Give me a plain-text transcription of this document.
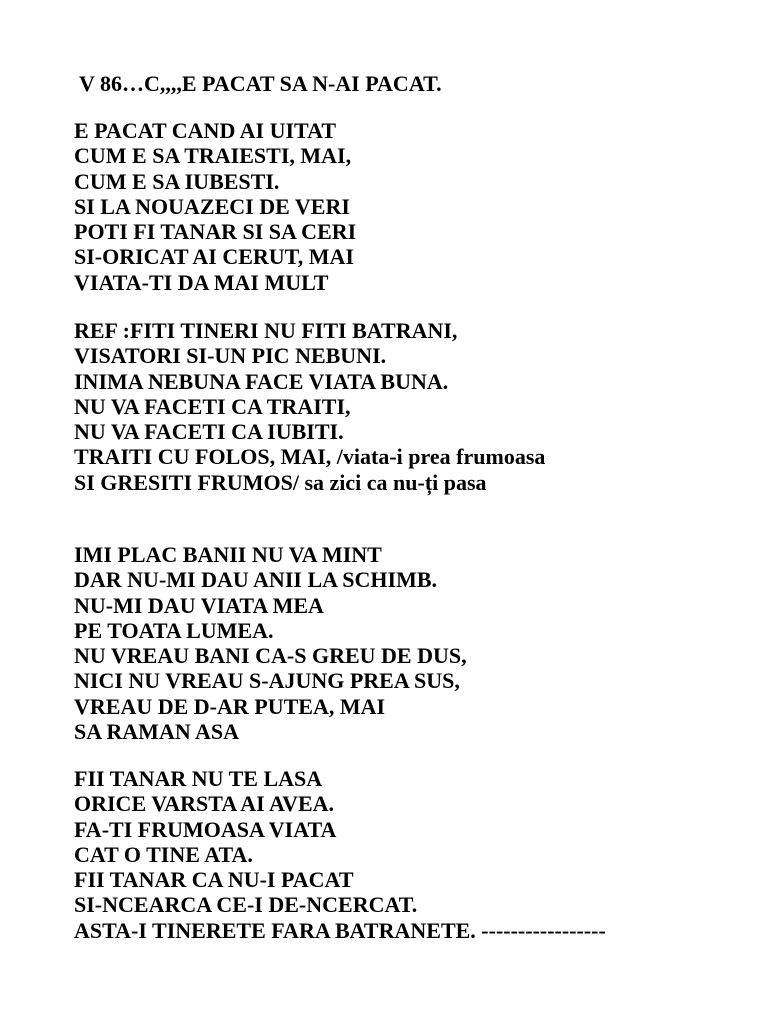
V 86…C,,,,E PACAT SA N-AI PACAT.
E PACAT CAND AI UITAT
CUM E SA TRAIESTI, MAI,
CUM E SA IUBESTI.
SI LA NOUAZECI DE VERI
POTI FI TANAR SI SA CERI
SI-ORICAT AI CERUT, MAI
VIATA-TI DA MAI MULT
REF :FITI TINERI NU FITI BATRANI,
VISATORI SI-UN PIC NEBUNI.
INIMA NEBUNA FACE VIATA BUNA.
NU VA FACETI CA TRAITI,
NU VA FACETI CA IUBITI.
TRAITI CU FOLOS, MAI, /viata-i prea frumoasa
SI GRESITI FRUMOS/ sa zici ca nu-ți pasa
IMI PLAC BANII NU VA MINT
DAR NU-MI DAU ANII LA SCHIMB.
NU-MI DAU VIATA MEA
PE TOATA LUMEA.
NU VREAU BANI CA-S GREU DE DUS,
NICI NU VREAU S-AJUNG PREA SUS,
VREAU DE D-AR PUTEA, MAI
SA RAMAN ASA
FII TANAR NU TE LASA
ORICE VARSTA AI AVEA.
FA-TI FRUMOASA VIATA
CAT O TINE ATA.
FII TANAR CA NU-I PACAT
SI-NCEARCA CE-I DE-NCERCAT.
ASTA-I TINERETE FARA BATRANETE. -----------------
